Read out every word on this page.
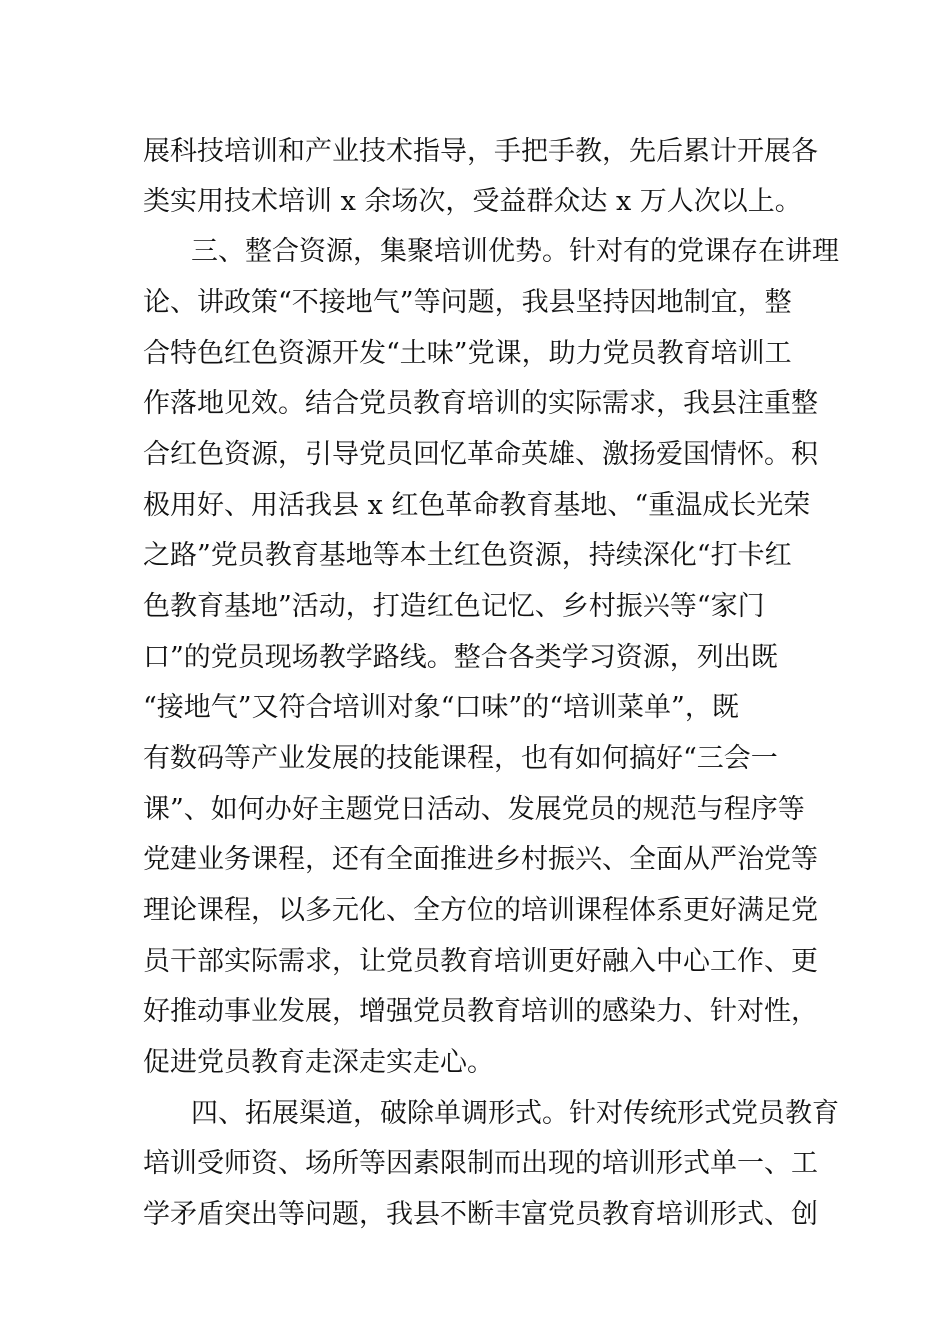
展科技培训和产业技术指导，手把手教，先后累计开展各
类实用技术培训 x 余场次，受益群众达 x 万人次以上。
三、整合资源，集聚培训优势。针对有的党课存在讲理
论、讲政策“不接地气”等问题，我县坚持因地制宜，整
合特色红色资源开发“土味”党课，助力党员教育培训工
作落地见效。结合党员教育培训的实际需求，我县注重整
合红色资源，引导党员回忆革命英雄、激扬爱国情怀。积
极用好、用活我县 x 红色革命教育基地、“重温成长光荣
之路”党员教育基地等本土红色资源，持续深化“打卡红
色教育基地”活动，打造红色记忆、乡村振兴等“家门
口”的党员现场教学路线。整合各类学习资源，列出既
“接地气”又符合培训对象“口味”的“培训菜单”，既
有数码等产业发展的技能课程，也有如何搞好“三会一
课”、如何办好主题党日活动、发展党员的规范与程序等
党建业务课程，还有全面推进乡村振兴、全面从严治党等
理论课程，以多元化、全方位的培训课程体系更好满足党
员干部实际需求，让党员教育培训更好融入中心工作、更
好推动事业发展，增强党员教育培训的感染力、针对性，
促进党员教育走深走实走心。
四、拓展渠道，破除单调形式。针对传统形式党员教育
培训受师资、场所等因素限制而出现的培训形式单一、工
学矛盾突出等问题，我县不断丰富党员教育培训形式、创
